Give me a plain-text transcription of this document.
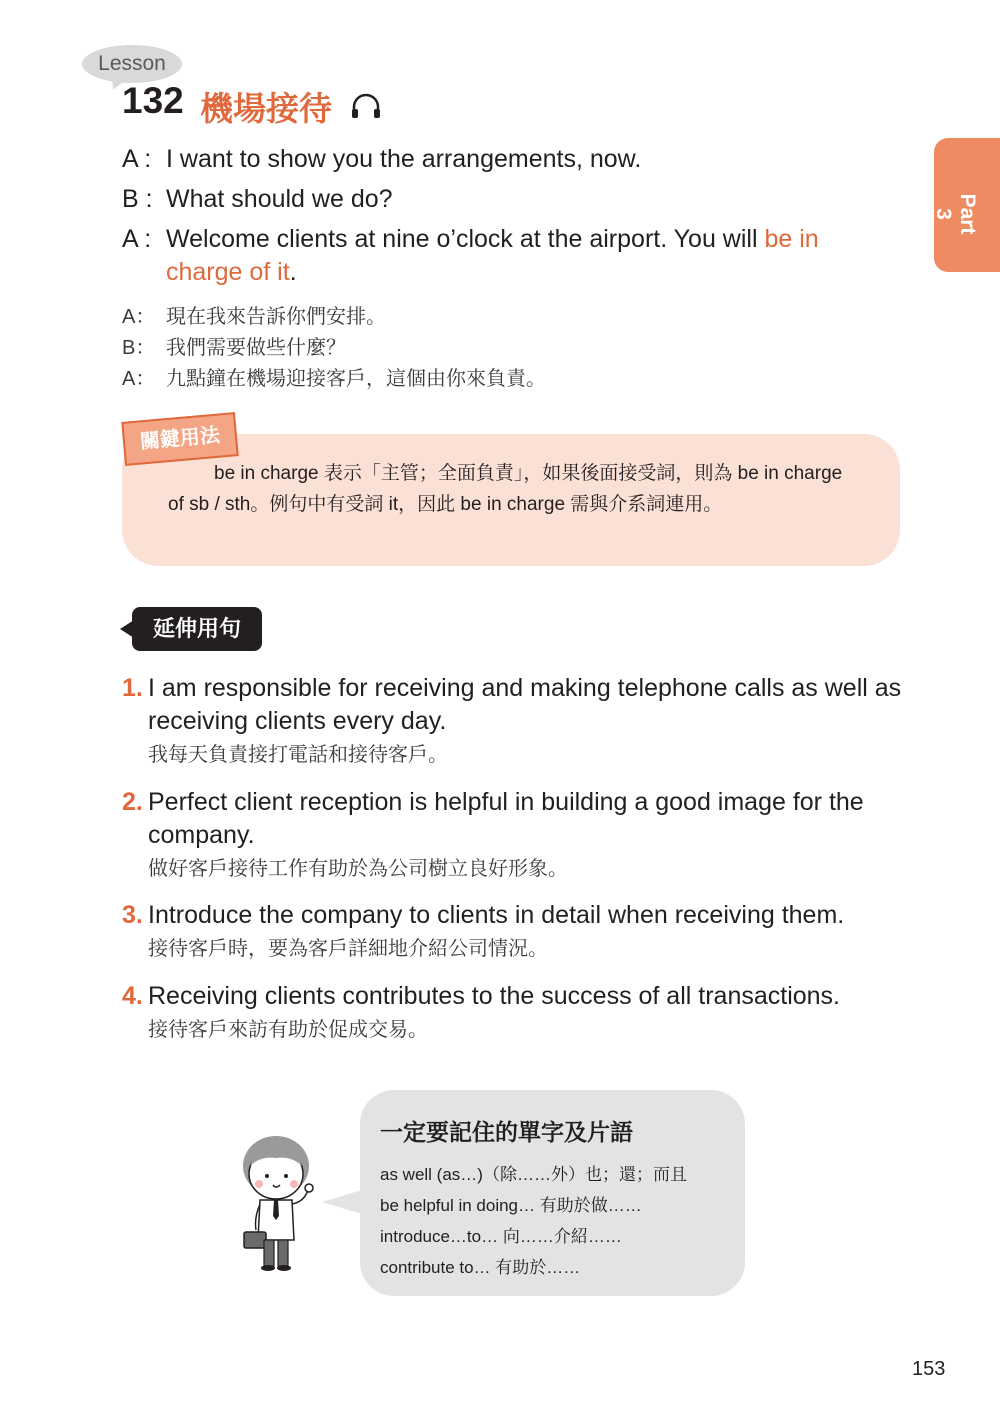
Lesson
132 機場接待
Part 3
A : I want to show you the arrangements, now.
B : What should we do?
A : Welcome clients at nine o’clock at the airport. You will be in charge of it.
A： 現在我來告訴你們安排。
B： 我們需要做些什麼？
A： 九點鐘在機場迎接客戶，這個由你來負責。
關鍵用法
be in charge 表示「主管；全面負責」，如果後面接受詞，則為 be in charge of sb / sth。例句中有受詞 it，因此 be in charge 需與介系詞連用。
延伸用句
1. I am responsible for receiving and making telephone calls as well as receiving clients every day.
我每天負責接打電話和接待客戶。
2. Perfect client reception is helpful in building a good image for the company.
做好客戶接待工作有助於為公司樹立良好形象。
3. Introduce the company to clients in detail when receiving them.
接待客戶時，要為客戶詳細地介紹公司情況。
4. Receiving clients contributes to the success of all transactions.
接待客戶來訪有助於促成交易。
一定要記住的單字及片語
as well (as…)（除……外）也；還；而且
be helpful in doing… 有助於做……
introduce…to… 向……介紹……
contribute to… 有助於……
153
